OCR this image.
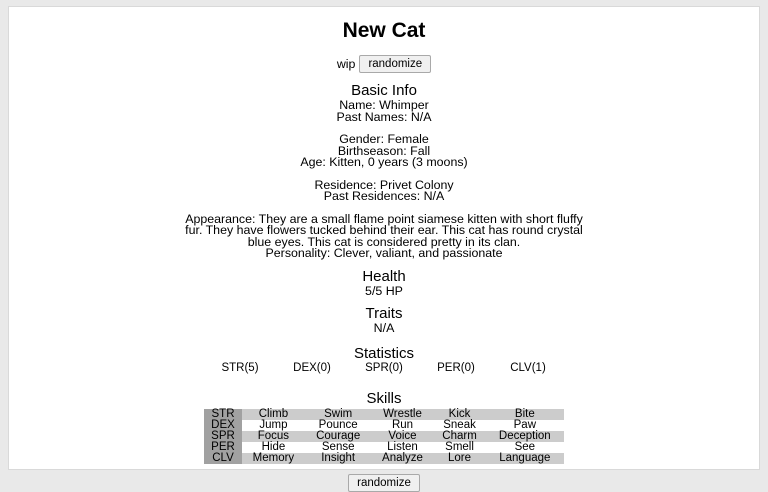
New Cat
wip	randomize
Basic Info
Name: Whimper
Past Names: N/A
Gender: Female
Birthseason: Fall
Age: Kitten, 0 years (3 moons)
Residence: Privet Colony
Past Residences: N/A
Appearance: They are a small flame point siamese kitten with short fluffy fur. They have flowers tucked behind their ear. This cat has round crystal blue eyes. This cat is considered pretty in its clan.
Personality: Clever, valiant, and passionate
Health
5/5 HP
Traits
N/A
Statistics
STR(5)	DEX(0)	SPR(0)	PER(0)	CLV(1)
Skills
STR	Climb	Swim	Wrestle	Kick	Bite
DEX	Jump	Pounce	Run	Sneak	Paw
SPR	Focus	Courage	Voice	Charm	Deception
PER	Hide	Sense	Listen	Smell	See
CLV	Memory	Insight	Analyze	Lore	Language
randomize
